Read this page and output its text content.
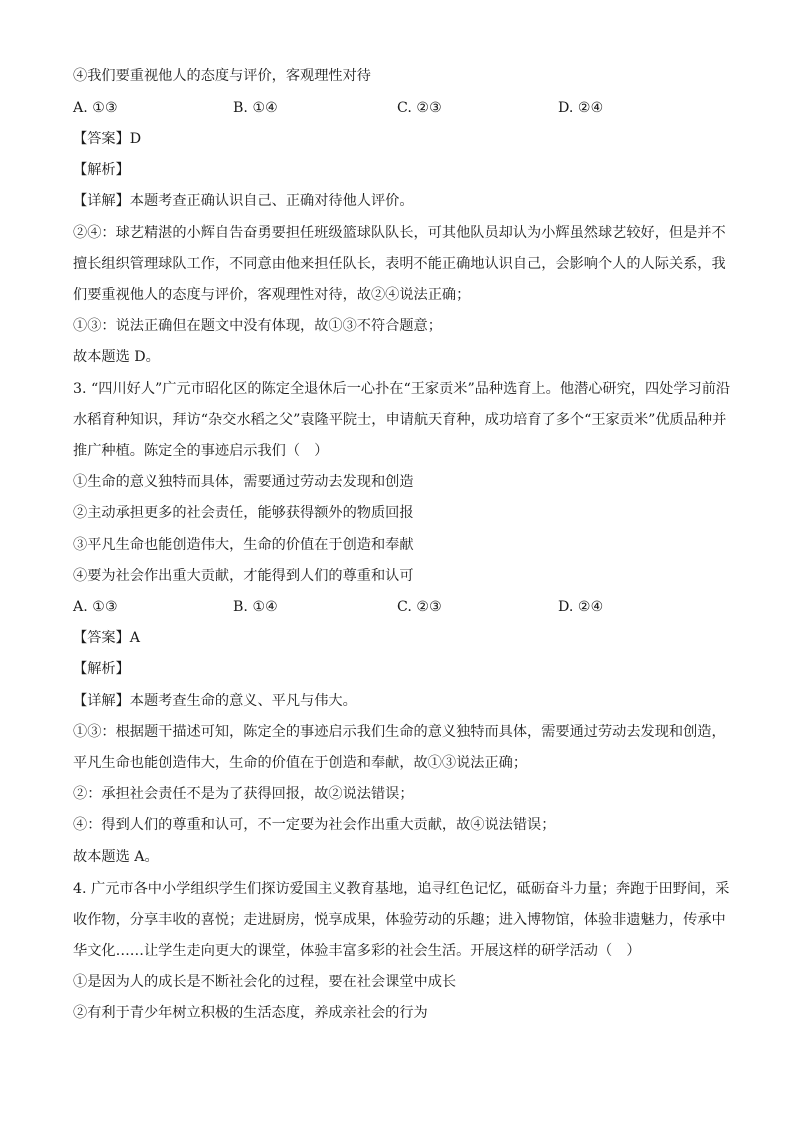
④我们要重视他人的态度与评价，客观理性对待
A. ①③	B. ①④	C. ②③	D. ②④
【答案】D
【解析】
【详解】本题考查正确认识自己、正确对待他人评价。
②④：球艺精湛的小辉自告奋勇要担任班级篮球队队长，可其他队员却认为小辉虽然球艺较好，但是并不
擅长组织管理球队工作，不同意由他来担任队长，表明不能正确地认识自己，会影响个人的人际关系，我
们要重视他人的态度与评价，客观理性对待，故②④说法正确；
①③：说法正确但在题文中没有体现，故①③不符合题意；
故本题选 D。
3. “四川好人”广元市昭化区的陈定全退休后一心扑在“王家贡米”品种选育上。他潜心研究，四处学习前沿
水稻育种知识，拜访“杂交水稻之父”袁隆平院士，申请航天育种，成功培育了多个“王家贡米”优质品种并
推广种植。陈定全的事迹启示我们（　）
①生命的意义独特而具体，需要通过劳动去发现和创造
②主动承担更多的社会责任，能够获得额外的物质回报
③平凡生命也能创造伟大，生命的价值在于创造和奉献
④要为社会作出重大贡献，才能得到人们的尊重和认可
A. ①③	B. ①④	C. ②③	D. ②④
【答案】A
【解析】
【详解】本题考查生命的意义、平凡与伟大。
①③：根据题干描述可知，陈定全的事迹启示我们生命的意义独特而具体，需要通过劳动去发现和创造，
平凡生命也能创造伟大，生命的价值在于创造和奉献，故①③说法正确；
②：承担社会责任不是为了获得回报，故②说法错误；
④：得到人们的尊重和认可，不一定要为社会作出重大贡献，故④说法错误；
故本题选 A。
4. 广元市各中小学组织学生们探访爱国主义教育基地，追寻红色记忆，砥砺奋斗力量；奔跑于田野间，采
收作物，分享丰收的喜悦；走进厨房，悦享成果，体验劳动的乐趣；进入博物馆，体验非遗魅力，传承中
华文化……让学生走向更大的课堂，体验丰富多彩的社会生活。开展这样的研学活动（　）
①是因为人的成长是不断社会化的过程，要在社会课堂中成长
②有利于青少年树立积极的生活态度，养成亲社会的行为
